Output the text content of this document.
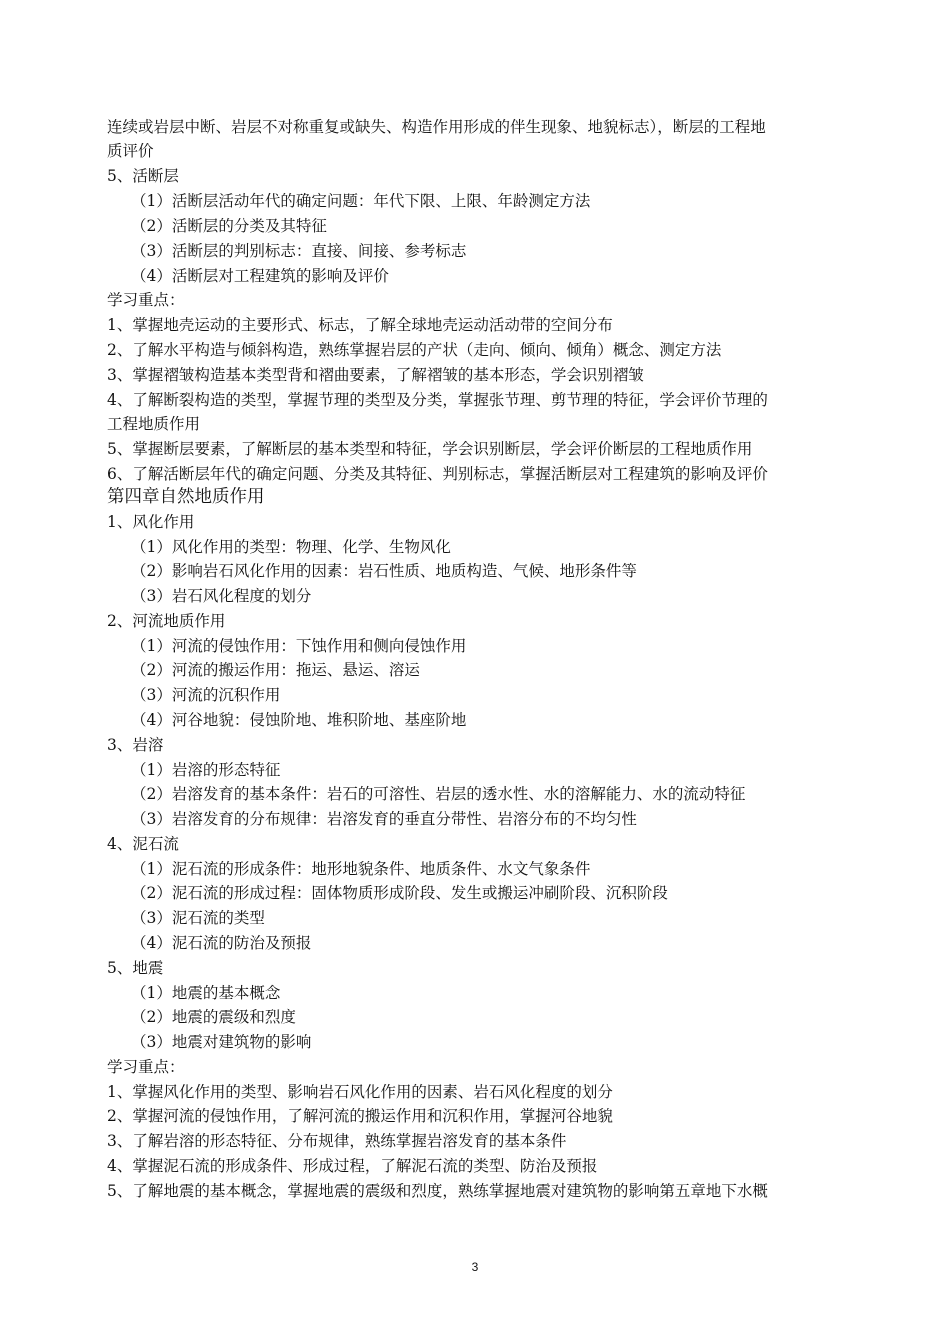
连续或岩层中断、岩层不对称重复或缺失、构造作用形成的伴生现象、地貌标志），断层的工程地
质评价
5、活断层
（1）活断层活动年代的确定问题：年代下限、上限、年龄测定方法
（2）活断层的分类及其特征
（3）活断层的判别标志：直接、间接、参考标志
（4）活断层对工程建筑的影响及评价
学习重点：
1、掌握地壳运动的主要形式、标志，了解全球地壳运动活动带的空间分布
2、了解水平构造与倾斜构造，熟练掌握岩层的产状（走向、倾向、倾角）概念、测定方法
3、掌握褶皱构造基本类型背和褶曲要素，了解褶皱的基本形态，学会识别褶皱
4、了解断裂构造的类型，掌握节理的类型及分类，掌握张节理、剪节理的特征，学会评价节理的
工程地质作用
5、掌握断层要素，了解断层的基本类型和特征，学会识别断层，学会评价断层的工程地质作用
6、了解活断层年代的确定问题、分类及其特征、判别标志，掌握活断层对工程建筑的影响及评价
第四章自然地质作用
1、风化作用
（1）风化作用的类型：物理、化学、生物风化
（2）影响岩石风化作用的因素：岩石性质、地质构造、气候、地形条件等
（3）岩石风化程度的划分
2、河流地质作用
（1）河流的侵蚀作用：下蚀作用和侧向侵蚀作用
（2）河流的搬运作用：拖运、悬运、溶运
（3）河流的沉积作用
（4）河谷地貌：侵蚀阶地、堆积阶地、基座阶地
3、岩溶
（1）岩溶的形态特征
（2）岩溶发育的基本条件：岩石的可溶性、岩层的透水性、水的溶解能力、水的流动特征
（3）岩溶发育的分布规律：岩溶发育的垂直分带性、岩溶分布的不均匀性
4、泥石流
（1）泥石流的形成条件：地形地貌条件、地质条件、水文气象条件
（2）泥石流的形成过程：固体物质形成阶段、发生或搬运冲刷阶段、沉积阶段
（3）泥石流的类型
（4）泥石流的防治及预报
5、地震
（1）地震的基本概念
（2）地震的震级和烈度
（3）地震对建筑物的影响
学习重点：
1、掌握风化作用的类型、影响岩石风化作用的因素、岩石风化程度的划分
2、掌握河流的侵蚀作用，了解河流的搬运作用和沉积作用，掌握河谷地貌
3、了解岩溶的形态特征、分布规律，熟练掌握岩溶发育的基本条件
4、掌握泥石流的形成条件、形成过程，了解泥石流的类型、防治及预报
5、了解地震的基本概念，掌握地震的震级和烈度，熟练掌握地震对建筑物的影响第五章地下水概
3
